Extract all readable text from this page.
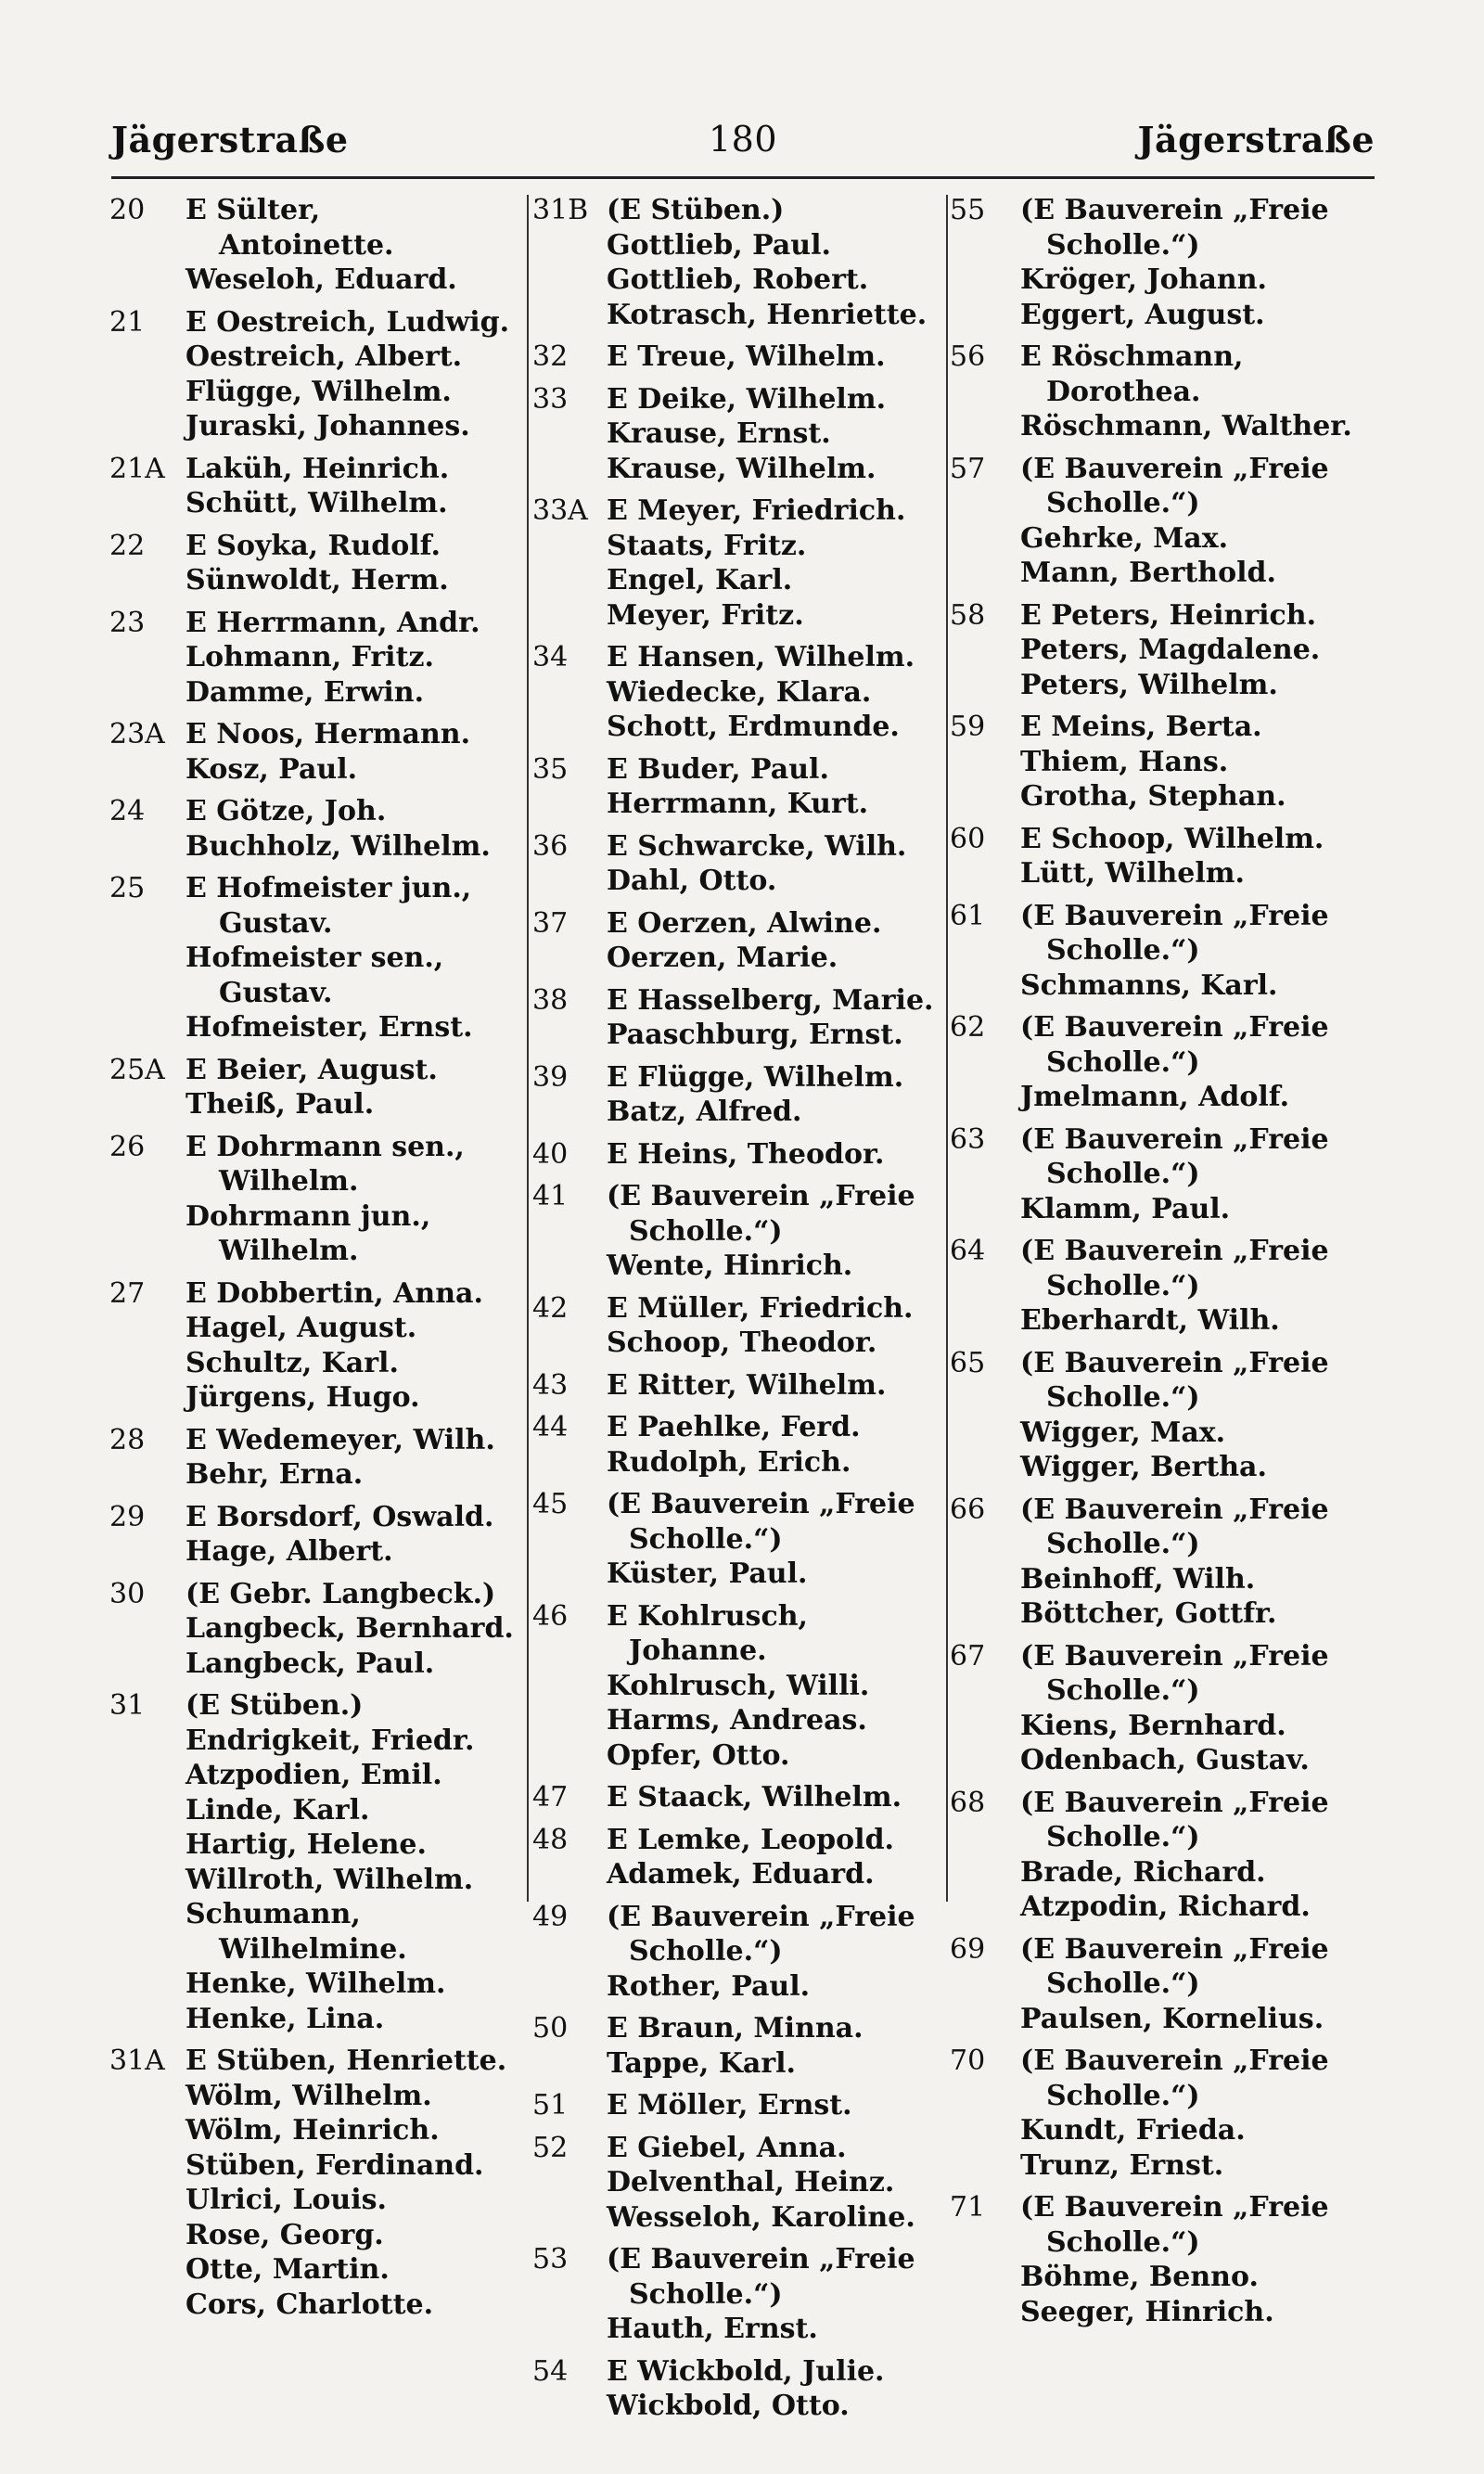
Jägerstraße	180	Jägerstraße
20	E Sülter,
Antoinette.
Weseloh, Eduard.
21	E Oestreich, Ludwig.
Oestreich, Albert.
Flügge, Wilhelm.
Juraski, Johannes.
21A Laküh, Heinrich.
Schütt, Wilhelm.
22	E Soyka, Rudolf.
Sünwoldt, Herm.
23	E Herrmann, Andr.
Lohmann, Fritz.
Damme, Erwin.
23A E Noos, Hermann.
Kosz, Paul.
24	E Götze, Joh.
Buchholz, Wilhelm.
25	E Hofmeister jun.,
Gustav.
Hofmeister sen.,
Gustav.
Hofmeister, Ernst.
25A E Beier, August.
Theiß, Paul.
26	E Dohrmann sen.,
Wilhelm.
Dohrmann jun.,
Wilhelm.
27	E Dobbertin, Anna.
Hagel, August.
Schultz, Karl.
Jürgens, Hugo.
28	E Wedemeyer, Wilh.
Behr, Erna.
29	E Borsdorf, Oswald.
Hage, Albert.
30	(E Gebr. Langbeck.)
Langbeck, Bernhard.
Langbeck, Paul.
31	(E Stüben.)
Endrigkeit, Friedr.
Atzpodien, Emil.
Linde, Karl.
Hartig, Helene.
Willroth, Wilhelm.
Schumann,
Wilhelmine.
Henke, Wilhelm.
Henke, Lina.
31A E Stüben, Henriette.
Wölm, Wilhelm.
Wölm, Heinrich.
Stüben, Ferdinand.
Ulrici, Louis.
Rose, Georg.
Otte, Martin.
Cors, Charlotte.
31B (E Stüben.)
Gottlieb, Paul.
Gottlieb, Robert.
Kotrasch, Henriette.
32	E Treue, Wilhelm.
33	E Deike, Wilhelm.
Krause, Ernst.
Krause, Wilhelm.
33A E Meyer, Friedrich.
Staats, Fritz.
Engel, Karl.
Meyer, Fritz.
34	E Hansen, Wilhelm.
Wiedecke, Klara.
Schott, Erdmunde.
35	E Buder, Paul.
Herrmann, Kurt.
36	E Schwarcke, Wilh.
Dahl, Otto.
37	E Oerzen, Alwine.
Oerzen, Marie.
38	E Hasselberg, Marie.
Paaschburg, Ernst.
39	E Flügge, Wilhelm.
Batz, Alfred.
40	E Heins, Theodor.
41	(E Bauverein „Freie
Scholle.“)
Wente, Hinrich.
42	E Müller, Friedrich.
Schoop, Theodor.
43	E Ritter, Wilhelm.
44	E Paehlke, Ferd.
Rudolph, Erich.
45	(E Bauverein „Freie
Scholle.“)
Küster, Paul.
46	E Kohlrusch,
Johanne.
Kohlrusch, Willi.
Harms, Andreas.
Opfer, Otto.
47	E Staack, Wilhelm.
48	E Lemke, Leopold.
Adamek, Eduard.
49	(E Bauverein „Freie
Scholle.“)
Rother, Paul.
50	E Braun, Minna.
Tappe, Karl.
51	E Möller, Ernst.
52	E Giebel, Anna.
Delventhal, Heinz.
Wesseloh, Karoline.
53	(E Bauverein „Freie
Scholle.“)
Hauth, Ernst.
54	E Wickbold, Julie.
Wickbold, Otto.
55	(E Bauverein „Freie
Scholle.“)
Kröger, Johann.
Eggert, August.
56	E Röschmann,
Dorothea.
Röschmann, Walther.
57	(E Bauverein „Freie
Scholle.“)
Gehrke, Max.
Mann, Berthold.
58	E Peters, Heinrich.
Peters, Magdalene.
Peters, Wilhelm.
59	E Meins, Berta.
Thiem, Hans.
Grotha, Stephan.
60	E Schoop, Wilhelm.
Lütt, Wilhelm.
61	(E Bauverein „Freie
Scholle.“)
Schmanns, Karl.
62	(E Bauverein „Freie
Scholle.“)
Jmelmann, Adolf.
63	(E Bauverein „Freie
Scholle.“)
Klamm, Paul.
64	(E Bauverein „Freie
Scholle.“)
Eberhardt, Wilh.
65	(E Bauverein „Freie
Scholle.“)
Wigger, Max.
Wigger, Bertha.
66	(E Bauverein „Freie
Scholle.“)
Beinhoff, Wilh.
Böttcher, Gottfr.
67	(E Bauverein „Freie
Scholle.“)
Kiens, Bernhard.
Odenbach, Gustav.
68	(E Bauverein „Freie
Scholle.“)
Brade, Richard.
Atzpodin, Richard.
69	(E Bauverein „Freie
Scholle.“)
Paulsen, Kornelius.
70	(E Bauverein „Freie
Scholle.“)
Kundt, Frieda.
Trunz, Ernst.
71	(E Bauverein „Freie
Scholle.“)
Böhme, Benno.
Seeger, Hinrich.
